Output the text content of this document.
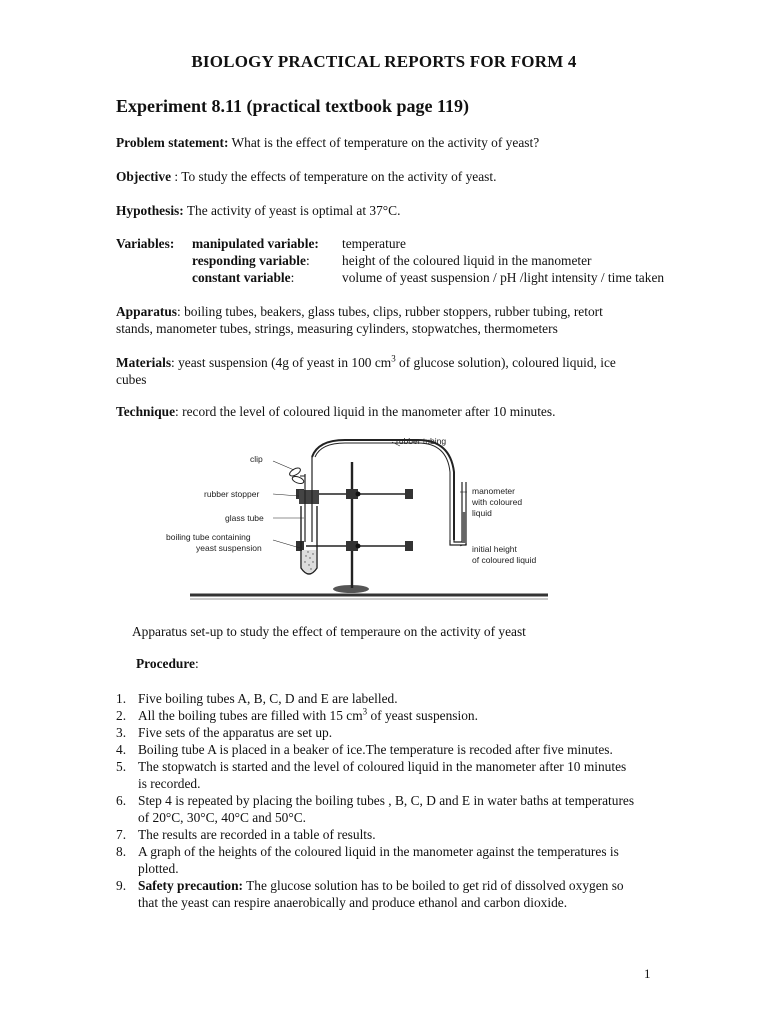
BIOLOGY PRACTICAL REPORTS FOR FORM 4
Experiment 8.11 (practical textbook page 119)
Problem statement: What is the effect of temperature on the activity of yeast?
Objective : To study the effects of temperature on the activity of yeast.
Hypothesis: The activity of yeast is optimal at 37°C.
Variables: manipulated variable: temperature
responding variable: height of the coloured liquid in the manometer
constant variable:	volume of yeast suspension / pH /light intensity / time taken
Apparatus: boiling tubes, beakers, glass tubes, clips, rubber stoppers, rubber tubing, retort
stands, manometer tubes, strings, measuring cylinders, stopwatches, thermometers
Materials: yeast suspension (4g of yeast in 100 $cm^3$ of glucose solution), coloured liquid, ice
cubes
Technique: record the level of coloured liquid in the manometer after 10 minutes.
rubber tubing
clip
rubber stopper
glass tube
boiling tube containing
yeast suspension
manometer
with coloured
liquid
initial height
of coloured liquid
Apparatus set-up to study the effect of temperaure on the activity of yeast
Procedure:
1. Five boiling tubes A, B, C, D and E are labelled.
2. All the boiling tubes are filled with 15 $cm^3$ of yeast suspension.
3. Five sets of the apparatus are set up.
4. Boiling tube A is placed in a beaker of ice.The temperature is recoded after five minutes.
5. The stopwatch is started and the level of coloured liquid in the manometer after 10 minutes
is recorded.
6. Step 4 is repeated by placing the boiling tubes , B, C, D and E in water baths at temperatures
of 20°C, 30°C, 40°C and 50°C.
7. The results are recorded in a table of results.
8. A graph of the heights of the coloured liquid in the manometer against the temperatures is
plotted.
9. Safety precaution: The glucose solution has to be boiled to get rid of dissolved oxygen so
that the yeast can respire anaerobically and produce ethanol and carbon dioxide.
1
